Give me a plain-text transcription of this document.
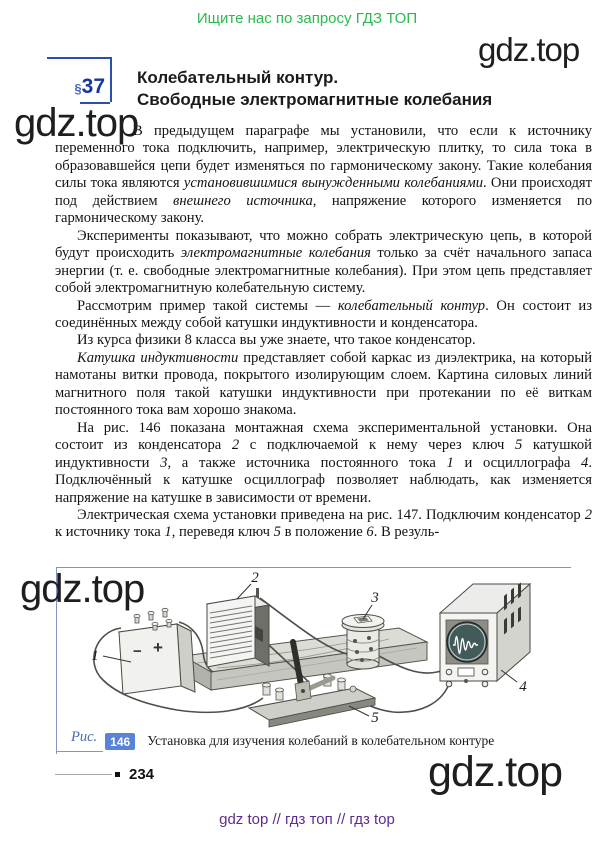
Ищите нас по запросу ГДЗ ТОП
gdz.top
gdz.top
§37 Колебательный контур.
Свободные электромагнитные колебания

В предыдущем параграфе мы установили, что если к источнику переменного тока подключить, например, электрическую плитку, то сила тока в образовавшейся цепи будет изменяться по гармоническому закону. Такие колебания силы тока являются установившимися вынужденными колебаниями. Они происходят под действием внешнего источника, напряжение которого изменяется по гармоническому закону.

Эксперименты показывают, что можно собрать электрическую цепь, в которой будут происходить электромагнитные колебания только за счёт начального запаса энергии (т. е. свободные электромагнитные колебания). При этом цепь представляет собой электромагнитную колебательную систему.

Рассмотрим пример такой системы — колебательный контур. Он состоит из соединённых между собой катушки индуктивности и конденсатора.

Из курса физики 8 класса вы уже знаете, что такое конденсатор.

Катушка индуктивности представляет собой каркас из диэлектрика, на который намотаны витки провода, покрытого изолирующим слоем. Картина силовых линий магнитного поля такой катушки индуктивности при протекании по её виткам постоянного тока вам хорошо знакома.

На рис. 146 показана монтажная схема экспериментальной установки. Она состоит из конденсатора 2 с подключаемой к нему через ключ 5 катушкой индуктивности 3, а также источника постоянного тока 1 и осциллографа 4. Подключённый к катушке осциллограф позволяет наблюдать, как изменяется напряжение на катушке в зависимости от времени.

Электрическая схема установки приведена на рис. 147. Подключим конденсатор 2 к источнику тока 1, переведя ключ 5 в положение 6. В резуль-

gdz.top
− +
1
2
3
4
5
Рис.	146	Установка для изучения колебаний в колебательном контуре
234	gdz.top
gdz top // гдз топ // гдз top
